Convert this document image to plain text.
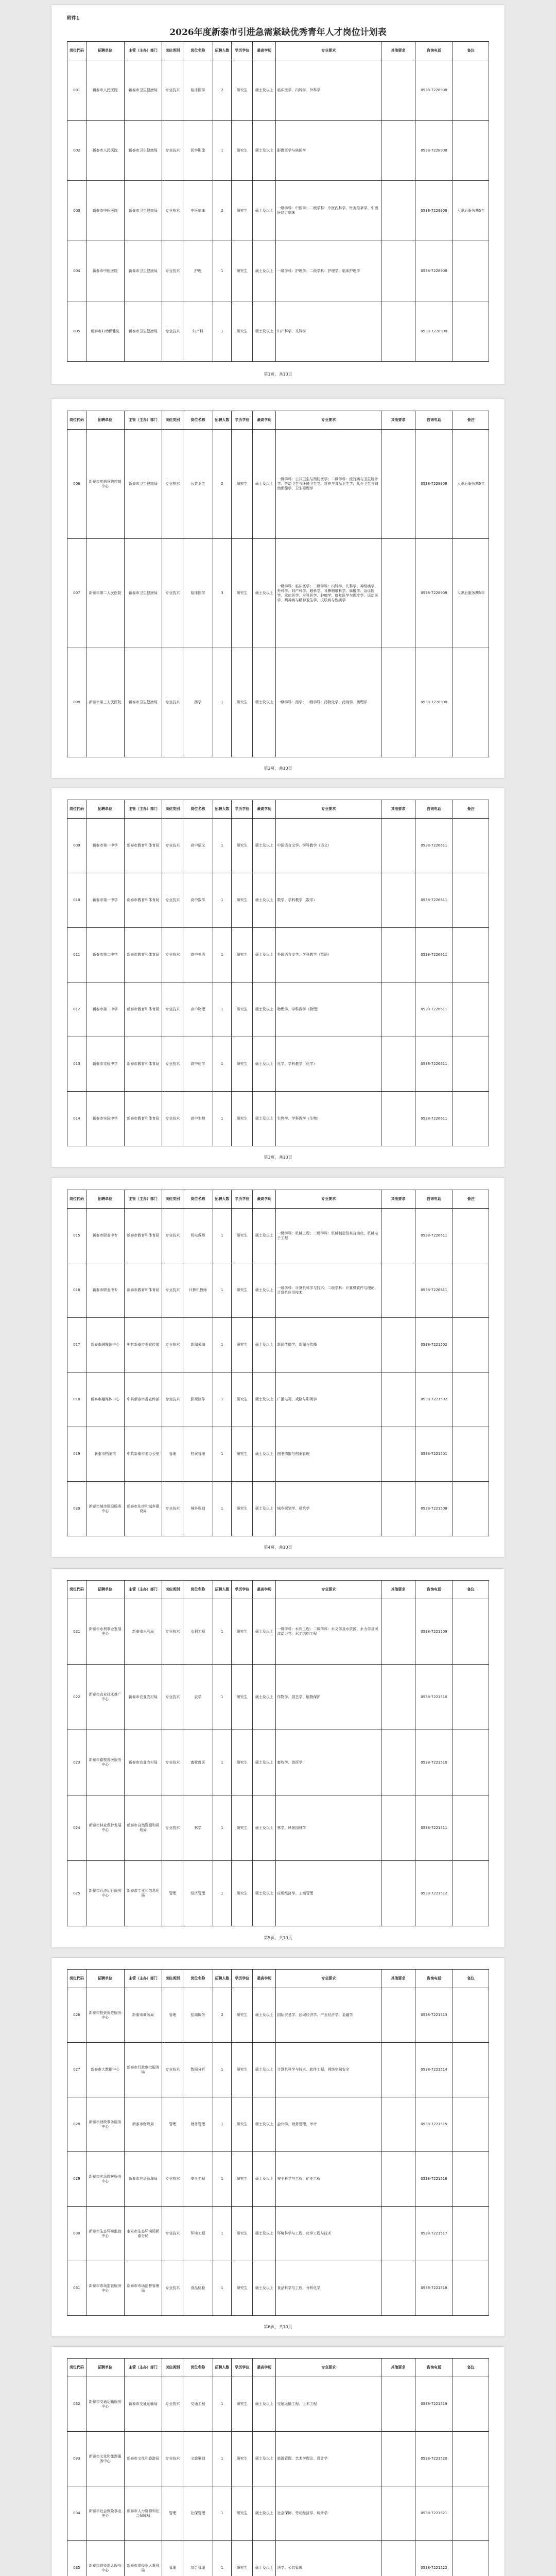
附件1
2026年度新泰市引进急需紧缺优秀青年人才岗位计划表
岗位代码	招聘单位	主管（主办）部门	岗位类别	岗位名称	招聘人数	学历学位	最高学历	专业要求	其他要求	咨询电话	备注
001	新泰市人民医院	新泰市卫生健康局	专业技术	临床医学	2	研究生	硕士及以上	临床医学、内科学、外科学		0538-7228908	
002	新泰市人民医院	新泰市卫生健康局	专业技术	医学影像	1	研究生	硕士及以上	影像医学与核医学		0538-7228908	
003	新泰市中医医院	新泰市卫生健康局	专业技术	中医临床	2	研究生	硕士及以上	一级学科：中医学；二级学科：中医内科学、针灸推拿学、中西医结合临床		0538-7228908	入职后服务期5年
004	新泰市中医医院	新泰市卫生健康局	专业技术	护理	1	研究生	硕士及以上	一级学科：护理学；二级学科：护理学、临床护理学		0538-7228908	
005	新泰市妇幼保健院	新泰市卫生健康局	专业技术	妇产科	1	研究生	硕士及以上	妇产科学、儿科学		0538-7228908	
第1页，共10页
岗位代码	招聘单位	主管（主办）部门	岗位类别	岗位名称	招聘人数	学历学位	最高学历	专业要求	其他要求	咨询电话	备注
006	新泰市疾病预防控制中心	新泰市卫生健康局	专业技术	公共卫生	2	研究生	硕士及以上	一级学科：公共卫生与预防医学；二级学科：流行病与卫生统计学、劳动卫生与环境卫生学、营养与食品卫生学、儿少卫生与妇幼保健学、卫生毒理学		0538-7228908	入职后服务期5年
007	新泰市第二人民医院	新泰市卫生健康局	专业技术	临床医学	3	研究生	硕士及以上	一级学科：临床医学；二级学科：内科学、儿科学、神经病学、外科学、妇产科学、眼科学、耳鼻咽喉科学、麻醉学、急诊医学、重症医学、全科医学、肿瘤学、康复医学与理疗学、运动医学、精神病与精神卫生学、皮肤病与性病学		0538-7228908	入职后服务期5年
008	新泰市第三人民医院	新泰市卫生健康局	专业技术	药学	1	研究生	硕士及以上	一级学科：药学；二级学科：药物化学、药剂学、药理学		0538-7228908	
第2页，共10页
岗位代码	招聘单位	主管（主办）部门	岗位类别	岗位名称	招聘人数	学历学位	最高学历	专业要求	其他要求	咨询电话	备注
009	新泰市第一中学	新泰市教育和体育局	专业技术	高中语文	1	研究生	硕士及以上	中国语言文学、学科教学（语文）		0538-7226611	
010	新泰市第一中学	新泰市教育和体育局	专业技术	高中数学	1	研究生	硕士及以上	数学、学科教学（数学）		0538-7226611	
011	新泰市第二中学	新泰市教育和体育局	专业技术	高中英语	1	研究生	硕士及以上	外国语言文学、学科教学（英语）		0538-7226611	
012	新泰市第二中学	新泰市教育和体育局	专业技术	高中物理	1	研究生	硕士及以上	物理学、学科教学（物理）		0538-7226611	
013	新泰市实验中学	新泰市教育和体育局	专业技术	高中化学	1	研究生	硕士及以上	化学、学科教学（化学）		0538-7226611	
014	新泰市实验中学	新泰市教育和体育局	专业技术	高中生物	1	研究生	硕士及以上	生物学、学科教学（生物）		0538-7226611	
第3页，共10页
岗位代码	招聘单位	主管（主办）部门	岗位类别	岗位名称	招聘人数	学历学位	最高学历	专业要求	其他要求	咨询电话	备注
015	新泰市职业中专	新泰市教育和体育局	专业技术	机电教师	1	研究生	硕士及以上	一级学科：机械工程；二级学科：机械制造及其自动化、机械电子工程		0538-7226611	
016	新泰市职业中专	新泰市教育和体育局	专业技术	计算机教师	1	研究生	硕士及以上	一级学科：计算机科学与技术；二级学科：计算机软件与理论、计算机应用技术		0538-7226611	
017	新泰市融媒体中心	中共新泰市委宣传部	专业技术	新闻采编	1	研究生	硕士及以上	新闻传播学、新闻与传播		0538-7221502	
018	新泰市融媒体中心	中共新泰市委宣传部	专业技术	影视制作	1	研究生	硕士及以上	广播电视、戏剧与影视学		0538-7221502	
019	新泰市档案馆	中共新泰市委办公室	管理	档案管理	1	研究生	硕士及以上	图书情报与档案管理		0538-7221501	
020	新泰市城市建设服务中心	新泰市住房和城乡建设局	专业技术	城乡规划	1	研究生	硕士及以上	城乡规划学、建筑学		0538-7221508	
第4页，共10页
岗位代码	招聘单位	主管（主办）部门	岗位类别	岗位名称	招聘人数	学历学位	最高学历	专业要求	其他要求	咨询电话	备注
021	新泰市水利事业发展中心	新泰市水利局	专业技术	水利工程	1	研究生	硕士及以上	一级学科：水利工程；二级学科：水文学及水资源、水力学及河流动力学、水工结构工程		0538-7221509	
022	新泰市农业技术推广中心	新泰市农业农村局	专业技术	农学	1	研究生	硕士及以上	作物学、园艺学、植物保护		0538-7221510	
023	新泰市畜牧兽医服务中心	新泰市农业农村局	专业技术	畜牧兽医	1	研究生	硕士及以上	畜牧学、兽医学		0538-7221510	
024	新泰市林业保护发展中心	新泰市自然资源和规划局	专业技术	林学	1	研究生	硕士及以上	林学、风景园林学		0538-7221511	
025	新泰市经济运行服务中心	新泰市工业和信息化局	管理	经济管理	1	研究生	硕士及以上	应用经济学、工商管理		0538-7221512	
第5页，共10页
岗位代码	招聘单位	主管（主办）部门	岗位类别	岗位名称	招聘人数	学历学位	最高学历	专业要求	其他要求	咨询电话	备注
026	新泰市投资促进服务中心	新泰市商务局	管理	招商服务	2	研究生	硕士及以上	国际贸易学、区域经济学、产业经济学、金融学		0538-7221513	
027	新泰市大数据中心	新泰市行政审批服务局	专业技术	数据分析	1	研究生	硕士及以上	计算机科学与技术、软件工程、网络空间安全		0538-7221514	
028	新泰市财政事务服务中心	新泰市财政局	管理	财务管理	1	研究生	硕士及以上	会计学、财务管理、审计		0538-7221515	
029	新泰市应急救援服务中心	新泰市应急管理局	专业技术	安全工程	1	研究生	硕士及以上	安全科学与工程、矿业工程		0538-7221516	
030	新泰市生态环境监控中心	泰安市生态环境局新泰分局	专业技术	环境工程	1	研究生	硕士及以上	环境科学与工程、化学工程与技术		0538-7221517	
031	新泰市市场监管服务中心	新泰市市场监督管理局	专业技术	食品检验	1	研究生	硕士及以上	食品科学与工程、分析化学		0538-7221518	
第6页，共10页
岗位代码	招聘单位	主管（主办）部门	岗位类别	岗位名称	招聘人数	学历学位	最高学历	专业要求	其他要求	咨询电话	备注
032	新泰市交通运输服务中心	新泰市交通运输局	专业技术	交通工程	1	研究生	硕士及以上	交通运输工程、土木工程		0538-7221519	
033	新泰市文化和旅游服务中心	新泰市文化和旅游局	专业技术	文旅策划	1	研究生	硕士及以上	旅游管理、艺术学理论、设计学		0538-7221520	
034	新泰市社会保险事业中心	新泰市人力资源和社会保障局	管理	社保管理	1	研究生	硕士及以上	社会保障、劳动经济学、统计学		0538-7221521	
035	新泰市退役军人服务中心	新泰市退役军人事务局	管理	综合管理	1	研究生	硕士及以上	法学、公共管理		0538-7221522	
